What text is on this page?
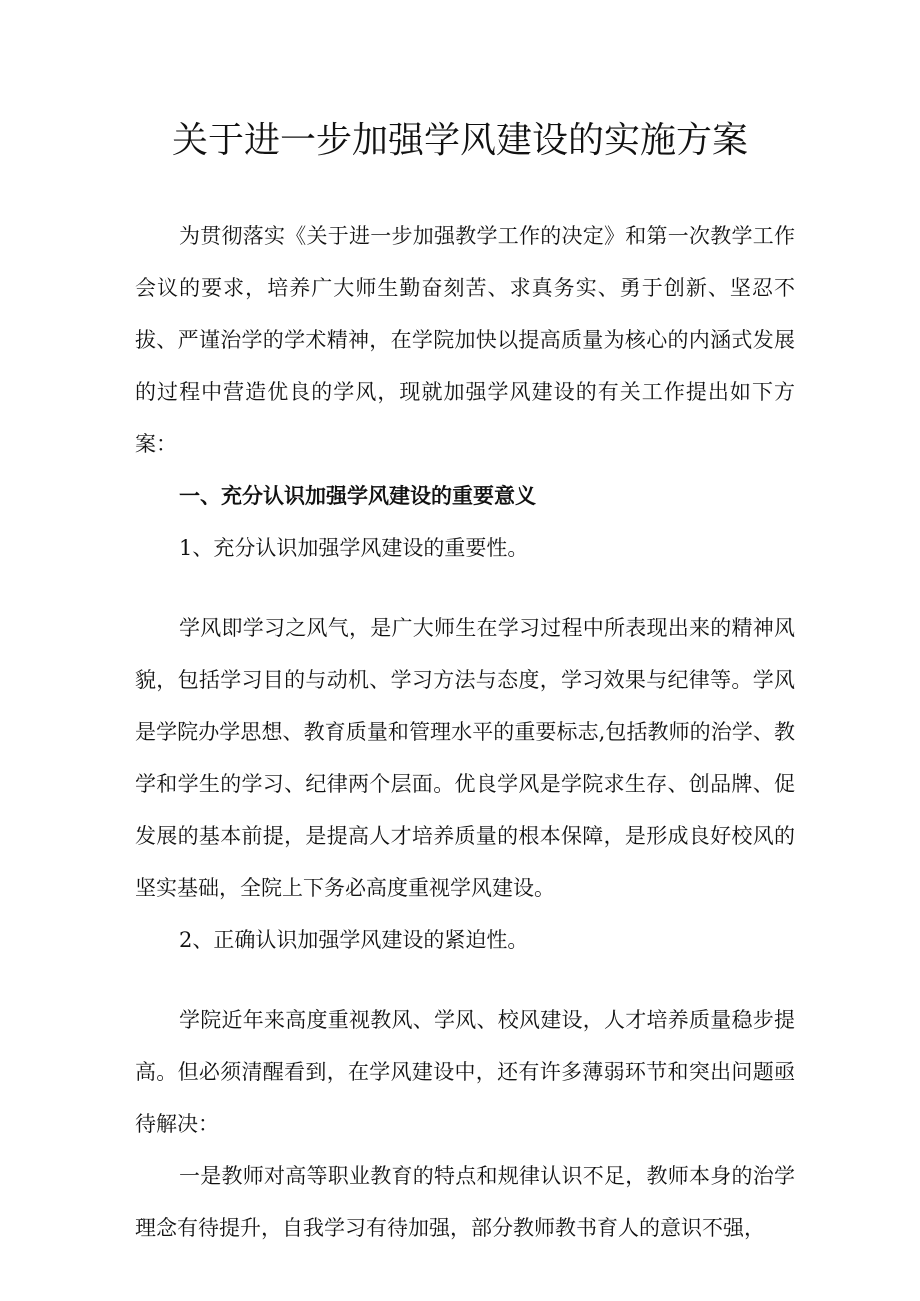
关于进一步加强学风建设的实施方案

为贯彻落实《关于进一步加强教学工作的决定》和第一次教学工作会议的要求，培养广大师生勤奋刻苦、求真务实、勇于创新、坚忍不拔、严谨治学的学术精神，在学院加快以提高质量为核心的内涵式发展的过程中营造优良的学风，现就加强学风建设的有关工作提出如下方案：

一、充分认识加强学风建设的重要意义

1、充分认识加强学风建设的重要性。

学风即学习之风气，是广大师生在学习过程中所表现出来的精神风貌，包括学习目的与动机、学习方法与态度，学习效果与纪律等。学风是学院办学思想、教育质量和管理水平的重要标志,包括教师的治学、教学和学生的学习、纪律两个层面。优良学风是学院求生存、创品牌、促发展的基本前提，是提高人才培养质量的根本保障，是形成良好校风的坚实基础，全院上下务必高度重视学风建设。

2、正确认识加强学风建设的紧迫性。

学院近年来高度重视教风、学风、校风建设，人才培养质量稳步提高。但必须清醒看到，在学风建设中，还有许多薄弱环节和突出问题亟待解决：

一是教师对高等职业教育的特点和规律认识不足，教师本身的治学理念有待提升，自我学习有待加强，部分教师教书育人的意识不强，
